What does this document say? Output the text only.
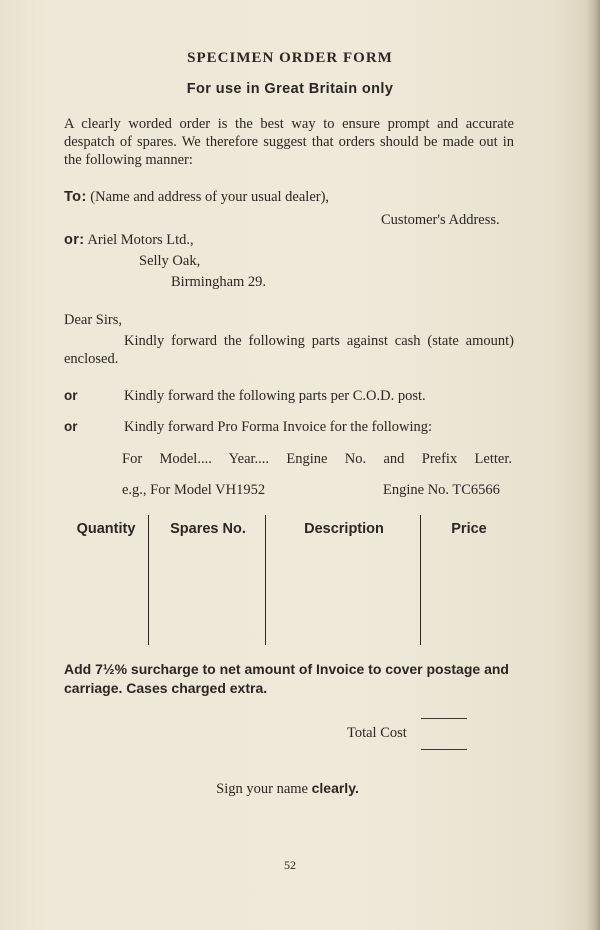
SPECIMEN ORDER FORM
For use in Great Britain only
A clearly worded order is the best way to ensure prompt and accurate despatch of spares. We therefore suggest that orders should be made out in the following manner:
To: (Name and address of your usual dealer),
Customer's Address.
or: Ariel Motors Ltd.,
Selly Oak,
Birmingham 29.
Dear Sirs,
Kindly forward the following parts against cash (state amount) enclosed.
or	Kindly forward the following parts per C.O.D. post.
or	Kindly forward Pro Forma Invoice for the following:
For Model.... Year.... Engine No. and Prefix Letter.
e.g., For Model VH1952	Engine No. TC6566
Quantity	Spares No.	Description	Price
Add 7½% surcharge to net amount of Invoice to cover postage and carriage. Cases charged extra.
Total Cost
Sign your name clearly.
52
